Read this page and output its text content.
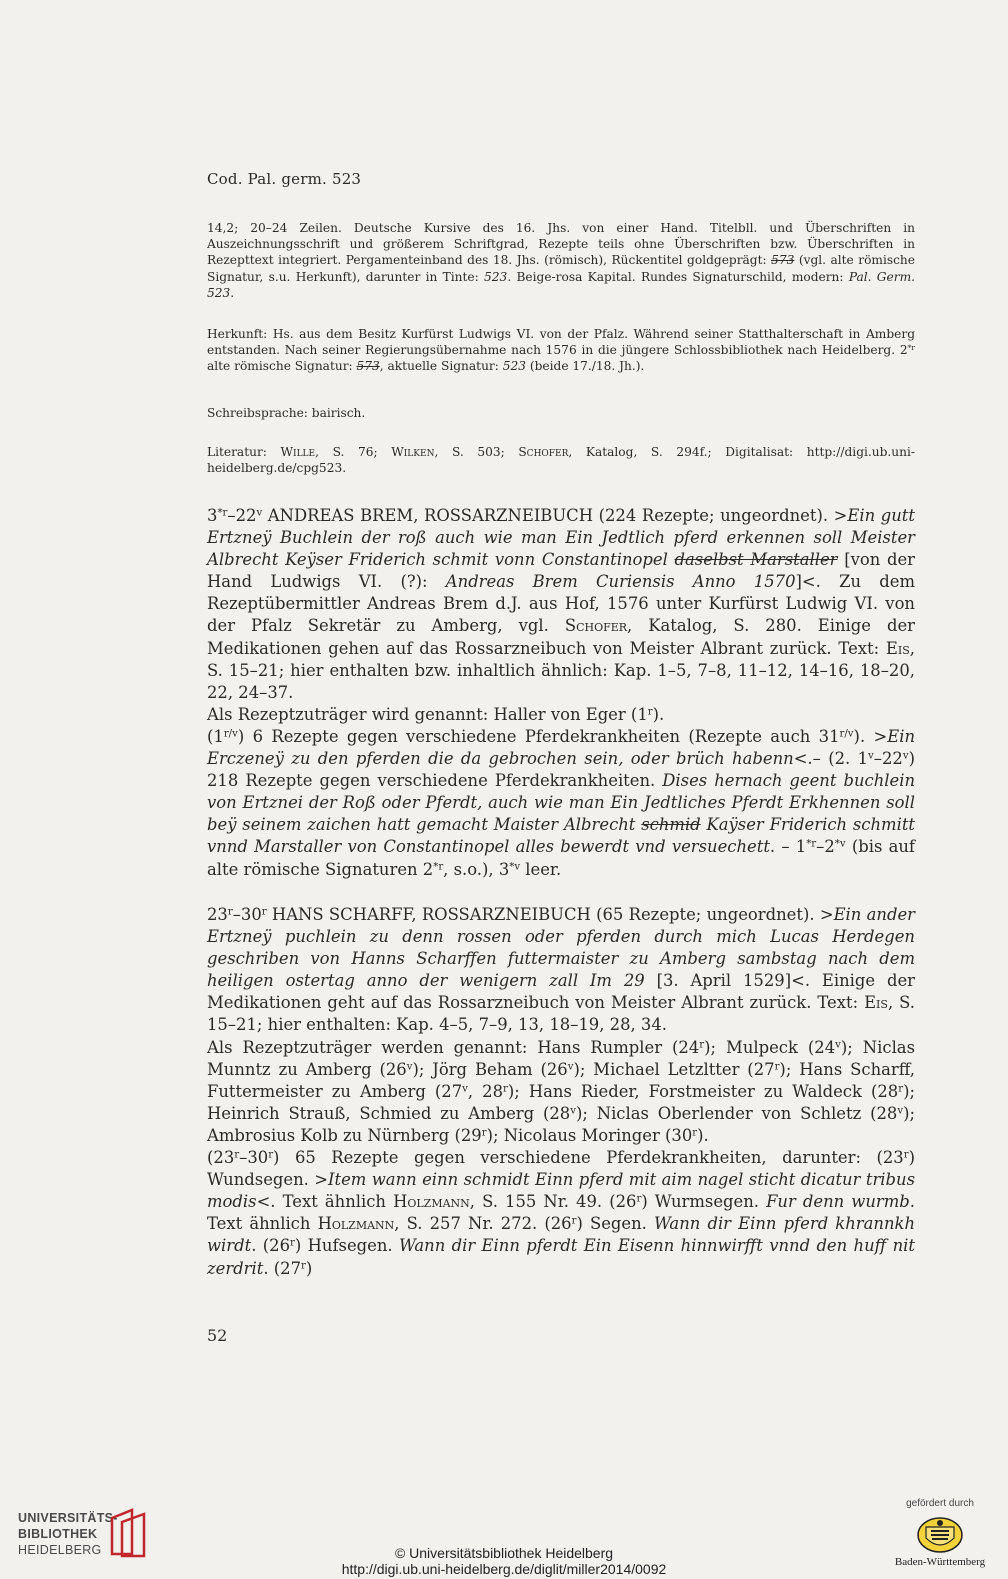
Cod. Pal. germ. 523

14,2; 20–24 Zeilen. Deutsche Kursive des 16. Jhs. von einer Hand. Titelbll. und Überschriften in Auszeichnungsschrift und größerem Schriftgrad, Rezepte teils ohne Überschriften bzw. Überschriften in Rezepttext integriert. Pergamenteinband des 18. Jhs. (römisch), Rückentitel goldgeprägt: 573 (vgl. alte römische Signatur, s.u. Herkunft), darunter in Tinte: 523. Beige-rosa Kapital. Rundes Signaturschild, modern: Pal. Germ. 523.

Herkunft: Hs. aus dem Besitz Kurfürst Ludwigs VI. von der Pfalz. Während seiner Statthalterschaft in Amberg entstanden. Nach seiner Regierungsübernahme nach 1576 in die jüngere Schlossbibliothek nach Heidelberg. 2$^{*r}$ alte römische Signatur: 573, aktuelle Signatur: 523 (beide 17./18. Jh.).

Schreibsprache: bairisch.

Literatur: Wille, S. 76; Wilken, S. 503; Schofer, Katalog, S. 294f.; Digitalisat: http://digi.ub.uni-heidelberg.de/cpg523.

3$^{*r}$–22$^v$ ANDREAS BREM, ROSSARZNEIBUCH (224 Rezepte; ungeordnet). >Ein gutt Ertzneÿ Buchlein der roß auch wie man Ein Jedtlich pferd erkennen soll Meister Albrecht Keÿser Friderich schmit vonn Constantinopel daselbst Marstaller [von der Hand Ludwigs VI. (?): Andreas Brem Curiensis Anno 1570]<. Zu dem Rezeptübermittler Andreas Brem d.J. aus Hof, 1576 unter Kurfürst Ludwig VI. von der Pfalz Sekretär zu Amberg, vgl. Schofer, Katalog, S. 280. Einige der Medikationen gehen auf das Rossarzneibuch von Meister Albrant zurück. Text: Eis, S. 15–21; hier enthalten bzw. inhaltlich ähnlich: Kap. 1–5, 7–8, 11–12, 14–16, 18–20, 22, 24–37.

Als Rezeptzuträger wird genannt: Haller von Eger (1$^r$).

$(1^{r/v})$ 6 Rezepte gegen verschiedene Pferdekrankheiten (Rezepte auch $31^{r/v}$). >Ein Erczeneÿ zu den pferden die da gebrochen sein, oder brüch habenn<.– (2. 1$^v$–22$^v$) 218 Rezepte gegen verschiedene Pferdekrankheiten. Dises hernach geent buchlein von Ertznei der Roß oder Pferdt, auch wie man Ein Jedtliches Pferdt Erkhennen soll beÿ seinem zaichen hatt gemacht Maister Albrecht schmid Kaÿser Friderich schmitt vnnd Marstaller von Constantinopel alles bewerdt vnd versuechett. – 1$^{*r}$–2$^{*v}$ (bis auf alte römische Signaturen 2$^{*r}$, s.o.), 3$^{*v}$ leer.

23$^r$–30$^r$ HANS SCHARFF, ROSSARZNEIBUCH (65 Rezepte; ungeordnet). >Ein ander Ertzneÿ puchlein zu denn rossen oder pferden durch mich Lucas Herdegen geschriben von Hanns Scharffen futtermaister zu Amberg sambstag nach dem heiligen ostertag anno der wenigern zall Im 29 [3. April 1529]<. Einige der Medikationen geht auf das Rossarzneibuch von Meister Albrant zurück. Text: Eis, S. 15–21; hier enthalten: Kap. 4–5, 7–9, 13, 18–19, 28, 34.

Als Rezeptzuträger werden genannt: Hans Rumpler (24$^r$); Mulpeck (24$^v$); Niclas Munntz zu Amberg (26$^v$); Jörg Beham (26$^v$); Michael Letzltter (27$^r$); Hans Scharff, Futtermeister zu Amberg (27$^v$, 28$^r$); Hans Rieder, Forstmeister zu Waldeck (28$^r$); Heinrich Strauß, Schmied zu Amberg (28$^v$); Niclas Oberlender von Schletz (28$^v$); Ambrosius Kolb zu Nürnberg (29$^r$); Nicolaus Moringer (30$^r$).

(23$^r$–30$^r$) 65 Rezepte gegen verschiedene Pferdekrankheiten, darunter: (23$^r$) Wundsegen. >Item wann einn schmidt Einn pferd mit aim nagel sticht dicatur tribus modis<. Text ähnlich Holzmann, S. 155 Nr. 49. (26$^r$) Wurmsegen. Fur denn wurmb. Text ähnlich Holzmann, S. 257 Nr. 272. (26$^r$) Segen. Wann dir Einn pferd khrannkh wirdt. (26$^r$) Hufsegen. Wann dir Einn pferdt Ein Eisenn hinnwirfft vnnd den huff nit zerdrit. (27$^r$)

52
UNIVERSITÄTS-
BIBLIOTHEK
HEIDELBERG	© Universitätsbibliothek Heidelberg
http://digi.ub.uni-heidelberg.de/diglit/miller2014/0092
gefördert durch
Baden-Württemberg
